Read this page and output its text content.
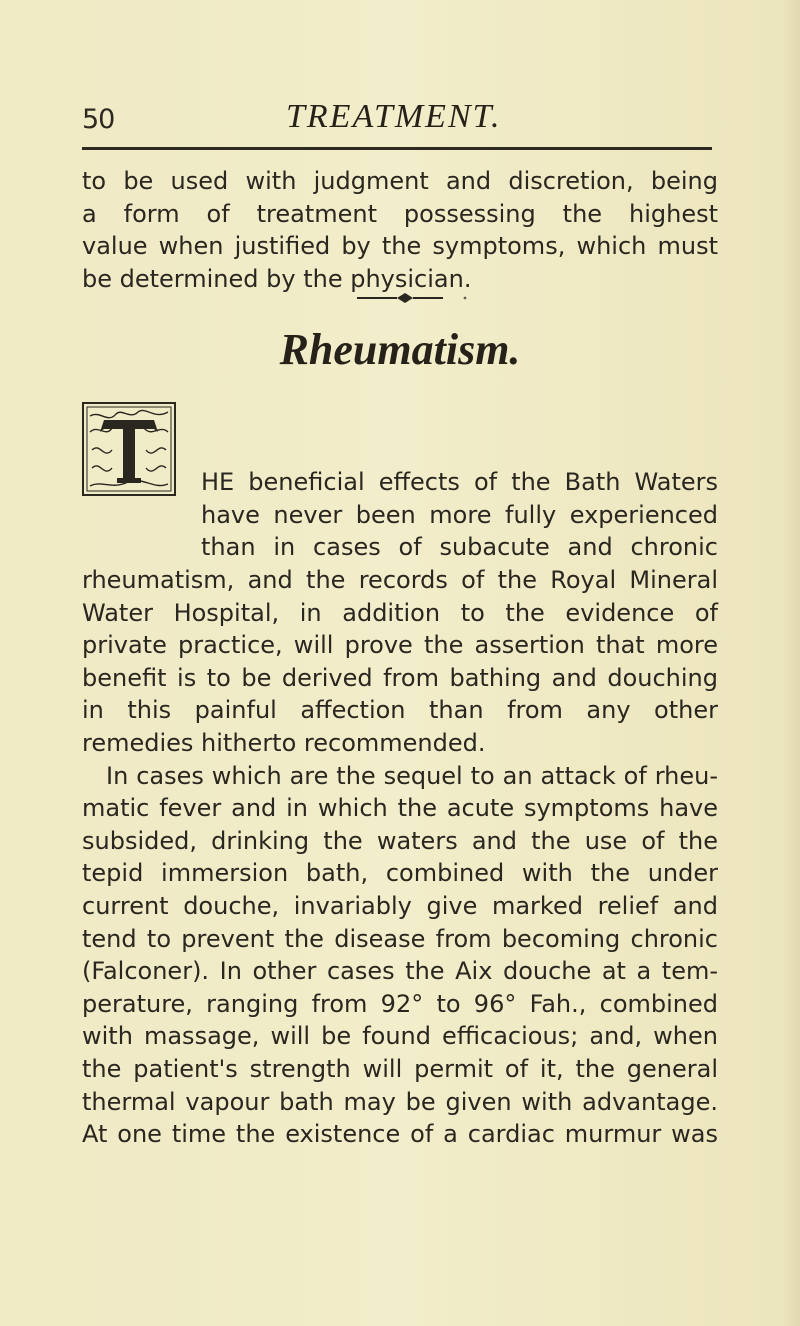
50	TREATMENT.
to be used with judgment and discretion, being
a form of treatment possessing the highest
value when justified by the symptoms, which must
be determined by the physician.
Rheumatism.
T
HE beneficial effects of the Bath Waters
have never been more fully experienced
than in cases of subacute and chronic
rheumatism, and the records of the Royal Mineral
Water Hospital, in addition to the evidence of
private practice, will prove the assertion that more
benefit is to be derived from bathing and douching
in this painful affection than from any other
remedies hitherto recommended.
In cases which are the sequel to an attack of rheu-
matic fever and in which the acute symptoms have
subsided, drinking the waters and the use of the
tepid immersion bath, combined with the under
current douche, invariably give marked relief and
tend to prevent the disease from becoming chronic
(Falconer). In other cases the Aix douche at a tem-
perature, ranging from 92° to 96° Fah., combined
with massage, will be found efficacious; and, when
the patient's strength will permit of it, the general
thermal vapour bath may be given with advantage.
At one time the existence of a cardiac murmur was
